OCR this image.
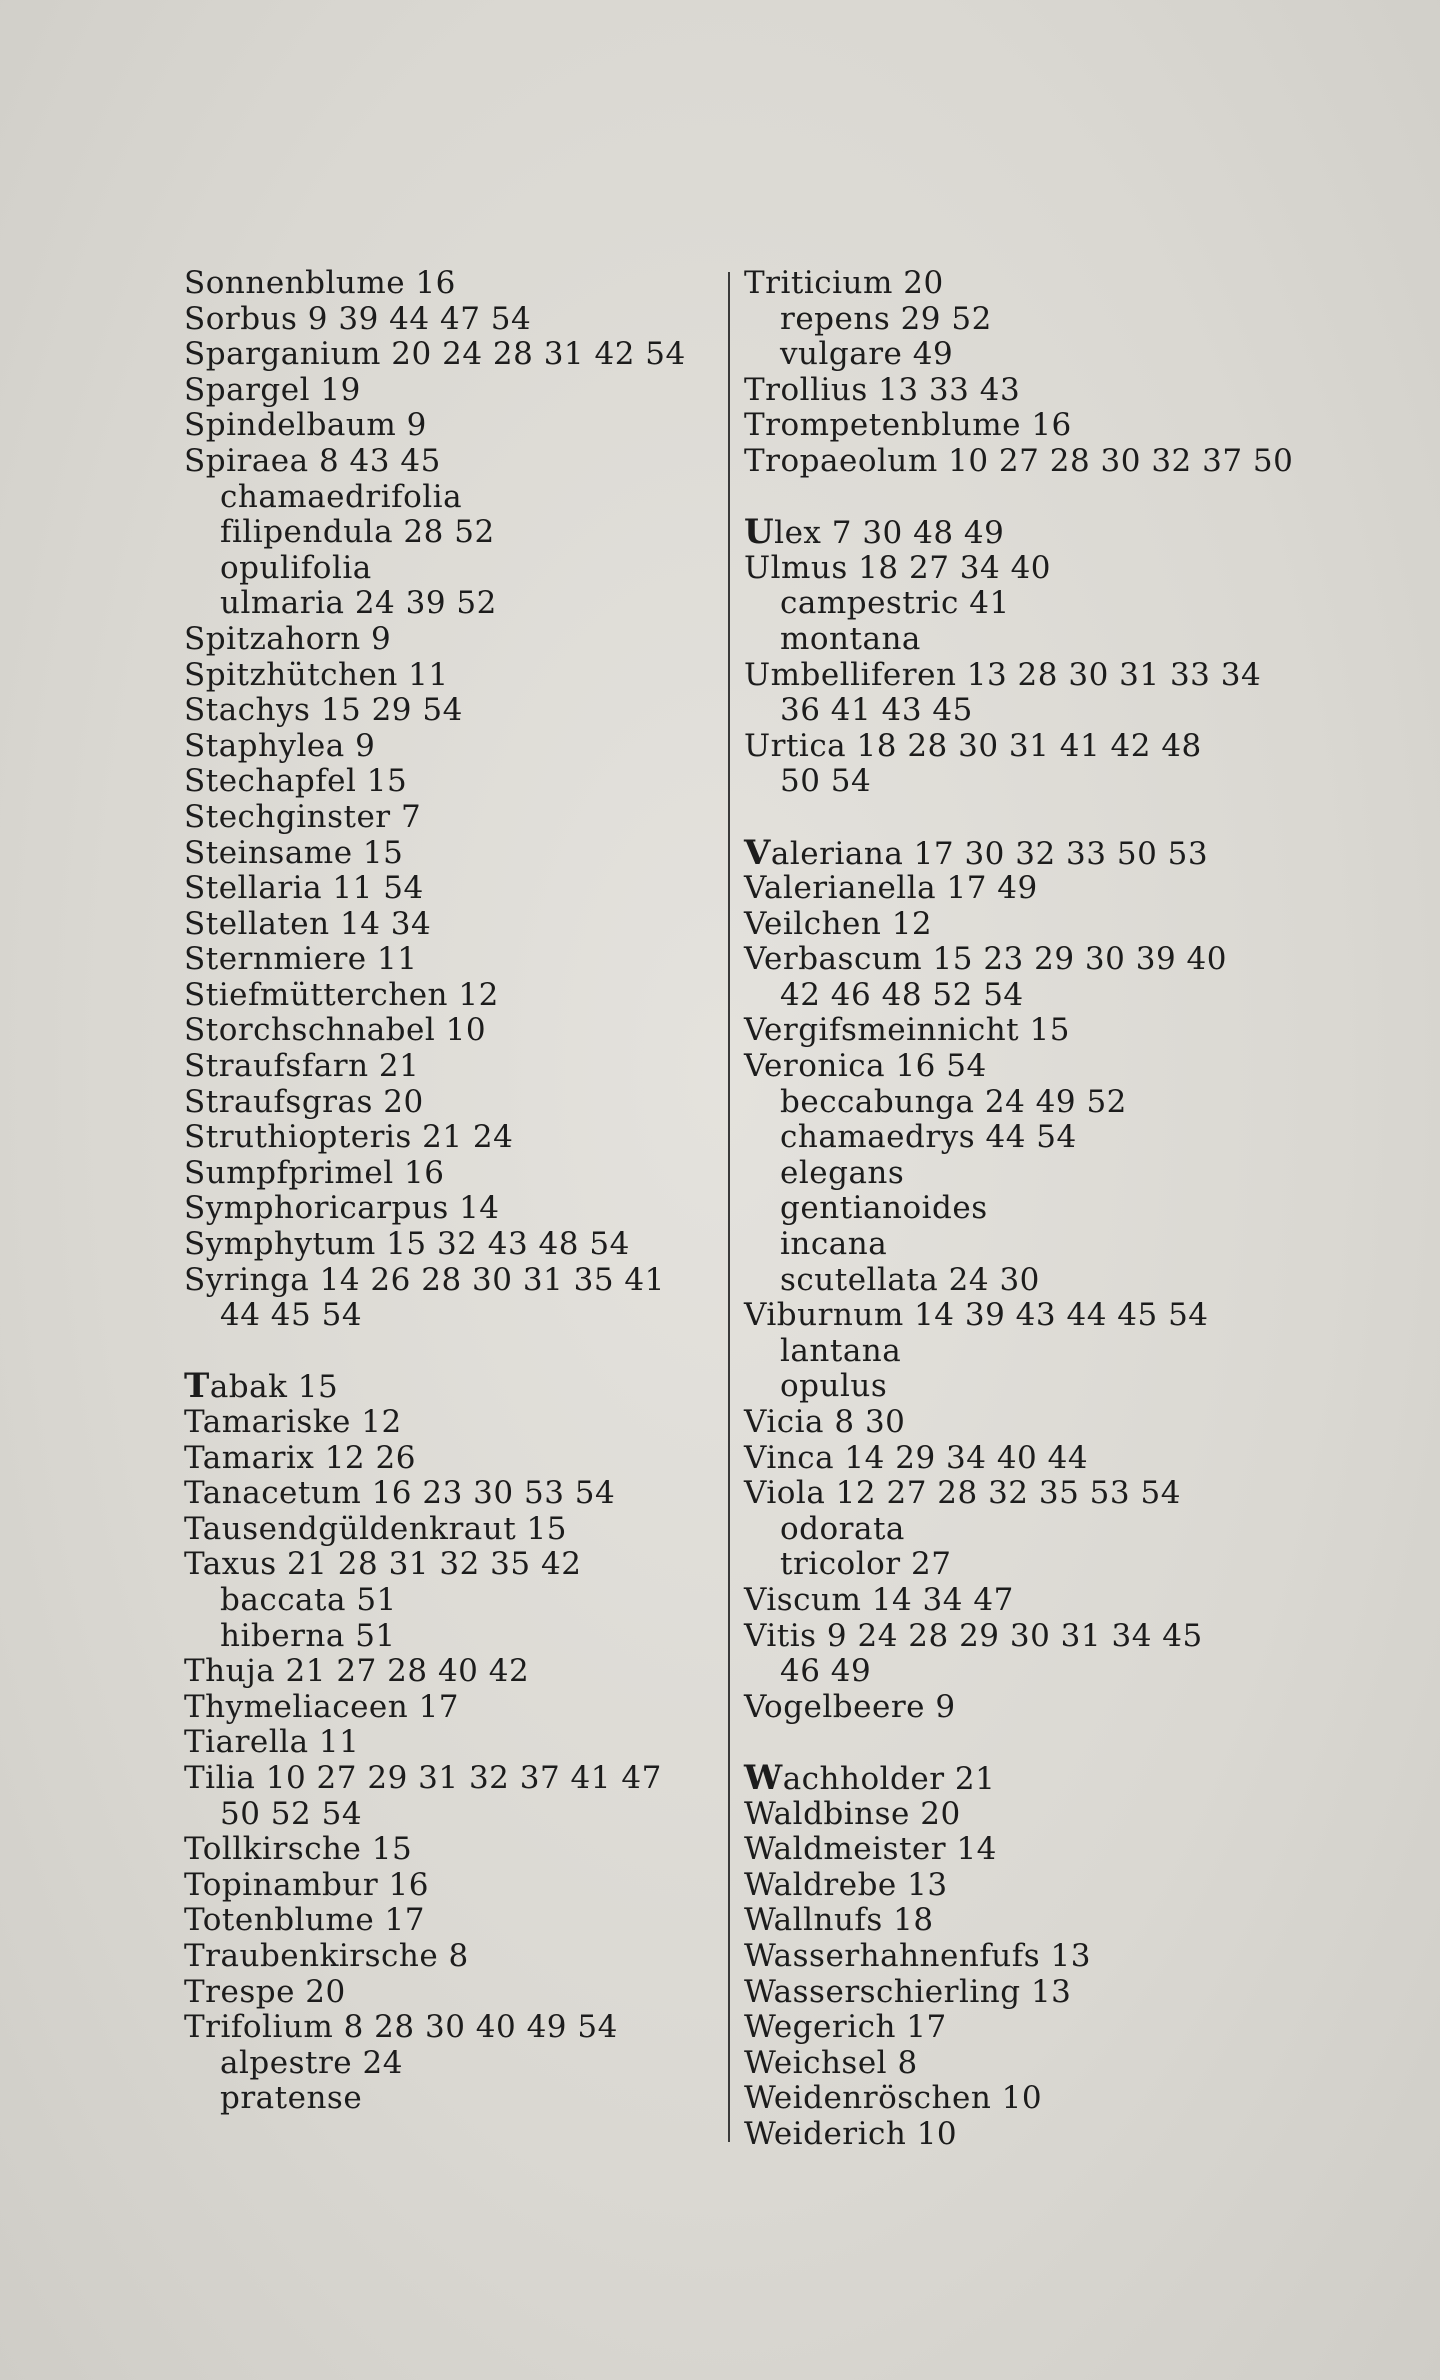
Sonnenblume 16
Sorbus 9 39 44 47 54
Sparganium 20 24 28 31 42 54
Spargel 19
Spindelbaum 9
Spiraea 8 43 45
chamaedrifolia
filipendula 28 52
opulifolia
ulmaria 24 39 52
Spitzahorn 9
Spitzhütchen 11
Stachys 15 29 54
Staphylea 9
Stechapfel 15
Stechginster 7
Steinsame 15
Stellaria 11 54
Stellaten 14 34
Sternmiere 11
Stiefmütterchen 12
Storchschnabel 10
Straufsfarn 21
Straufsgras 20
Struthiopteris 21 24
Sumpfprimel 16
Symphoricarpus 14
Symphytum 15 32 43 48 54
Syringa 14 26 28 30 31 35 41
44 45 54
Tabak 15
Tamariske 12
Tamarix 12 26
Tanacetum 16 23 30 53 54
Tausendgüldenkraut 15
Taxus 21 28 31 32 35 42
baccata 51
hiberna 51
Thuja 21 27 28 40 42
Thymeliaceen 17
Tiarella 11
Tilia 10 27 29 31 32 37 41 47
50 52 54
Tollkirsche 15
Topinambur 16
Totenblume 17
Traubenkirsche 8
Trespe 20
Trifolium 8 28 30 40 49 54
alpestre 24
pratense
Triticium 20
repens 29 52
vulgare 49
Trollius 13 33 43
Trompetenblume 16
Tropaeolum 10 27 28 30 32 37 50
Ulex 7 30 48 49
Ulmus 18 27 34 40
campestric 41
montana
Umbelliferen 13 28 30 31 33 34
36 41 43 45
Urtica 18 28 30 31 41 42 48
50 54
Valeriana 17 30 32 33 50 53
Valerianella 17 49
Veilchen 12
Verbascum 15 23 29 30 39 40
42 46 48 52 54
Vergifsmeinnicht 15
Veronica 16 54
beccabunga 24 49 52
chamaedrys 44 54
elegans
gentianoides
incana
scutellata 24 30
Viburnum 14 39 43 44 45 54
lantana
opulus
Vicia 8 30
Vinca 14 29 34 40 44
Viola 12 27 28 32 35 53 54
odorata
tricolor 27
Viscum 14 34 47
Vitis 9 24 28 29 30 31 34 45
46 49
Vogelbeere 9
Wachholder 21
Waldbinse 20
Waldmeister 14
Waldrebe 13
Wallnufs 18
Wasserhahnenfufs 13
Wasserschierling 13
Wegerich 17
Weichsel 8
Weidenröschen 10
Weiderich 10
